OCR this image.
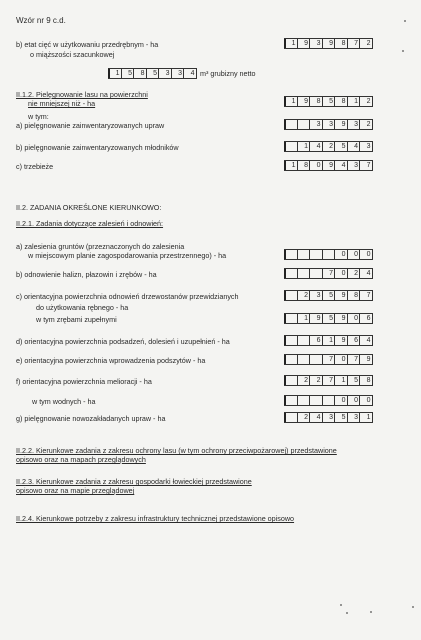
Wzór nr 9 c.d.
b) etat cięć w użytkowaniu przedrębnym - ha
o miąższości szacunkowej
1	9	3	9	8	7	2
1	5	8	5	3	3	4 m³ grubizny netto
II.1.2. Pielęgnowanie lasu na powierzchni
nie mniejszej niż - ha	1	9	8	5	8	1	2
w tym:
a) pielęgnowanie zainwentaryzowanych upraw	3	3	9	3	2
b) pielęgnowanie zainwentaryzowanych młodników	1	4	2	5	4	3
c) trzebieże	1	8	0	9	4	3	7
II.2. ZADANIA OKREŚLONE KIERUNKOWO:
II.2.1. Zadania dotyczące zalesień i odnowień:
a) zalesienia gruntów (przeznaczonych do zalesienia
w miejscowym planie zagospodarowania przestrzennego) - ha	0	0	0
b) odnowienie halizn, płazowin i zrębów - ha	7	0	2	4
c) orientacyjna powierzchnia odnowień drzewostanów przewidzianych
do użytkowania rębnego - ha
w tym zrębami zupełnymi
2	3	5	9	8	7
1	9	5	9	0	6
d) orientacyjna powierzchnia podsadzeń, dolesień i uzupełnień - ha	6	1	9	6	4
e) orientacyjna powierzchnia wprowadzenia podszytów - ha	7	0	7	9
f) orientacyjna powierzchnia melioracji - ha	2	2	7	1	5	8
w tym wodnych - ha	0	0	0
g) pielęgnowanie nowozakładanych upraw - ha	2	4	3	5	3	1
II.2.2. Kierunkowe zadania z zakresu ochrony lasu (w tym ochrony przeciwpożarowej) przedstawione
opisowo oraz na mapach przeglądowych
II.2.3. Kierunkowe zadania z zakresu gospodarki łowieckiej przedstawione
opisowo oraz na mapie przeglądowej
II.2.4. Kierunkowe potrzeby z zakresu infrastruktury technicznej przedstawione opisowo
